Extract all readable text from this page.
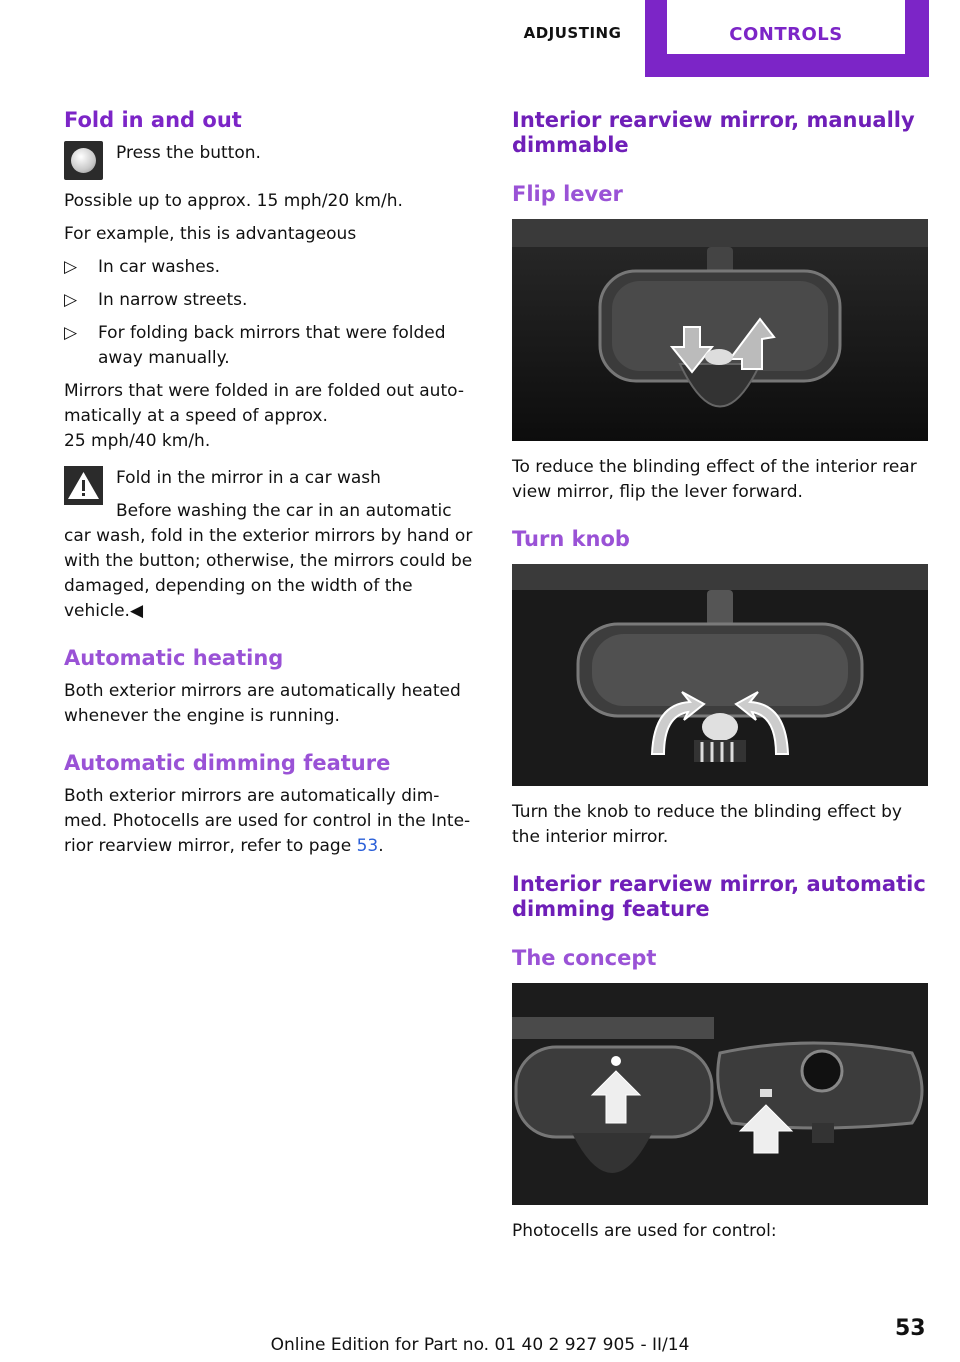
ADJUSTING	CONTROLS
Fold in and out

Press the button.

Possible up to approx. 15 mph/20 km/h.

For example, this is advantageous

▷ In car washes.
▷ In narrow streets.
▷ For folding back mirrors that were folded away manually.

Mirrors that were folded in are folded out auto-matically at a speed of approx.
25 mph/40 km/h.

Fold in the mirror in a car wash

Before washing the car in an automatic

car wash, fold in the exterior mirrors by hand or with the button; otherwise, the mirrors could be damaged, depending on the width of the vehicle.◀

Automatic heating

Both exterior mirrors are automatically heated whenever the engine is running.

Automatic dimming feature

Both exterior mirrors are automatically dim-med. Photocells are used for control in the Inte-rior rearview mirror, refer to page 53.

Interior rearview mirror, manually dimmable
Flip lever

To reduce the blinding effect of the interior rear view mirror, flip the lever forward.

Turn knob

Turn the knob to reduce the blinding effect by the interior mirror.

Interior rearview mirror, automatic dimming feature
The concept

Photocells are used for control:

53
Online Edition for Part no. 01 40 2 927 905 - II/14
